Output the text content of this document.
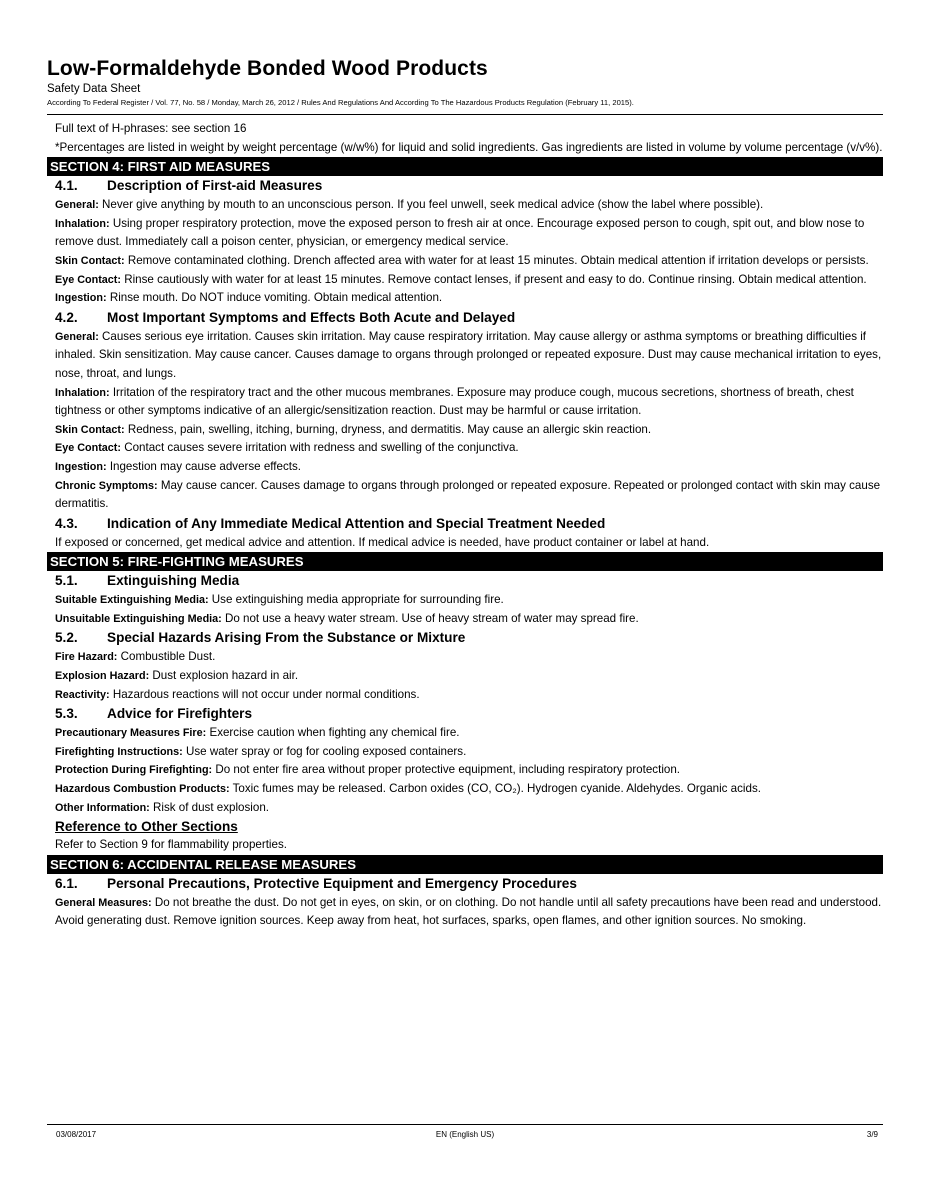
Low-Formaldehyde Bonded Wood Products

Safety Data Sheet

According To Federal Register / Vol. 77, No. 58 / Monday, March 26, 2012 / Rules And Regulations And According To The Hazardous Products Regulation (February 11, 2015).

Full text of H-phrases: see section 16

*Percentages are listed in weight by weight percentage (w/w%) for liquid and solid ingredients. Gas ingredients are listed in volume by volume percentage (v/v%).

SECTION 4: FIRST AID MEASURES
4.1.	Description of First-aid Measures

General: Never give anything by mouth to an unconscious person. If you feel unwell, seek medical advice (show the label where possible).

Inhalation: Using proper respiratory protection, move the exposed person to fresh air at once. Encourage exposed person to cough, spit out, and blow nose to remove dust. Immediately call a poison center, physician, or emergency medical service.

Skin Contact: Remove contaminated clothing. Drench affected area with water for at least 15 minutes. Obtain medical attention if irritation develops or persists.

Eye Contact: Rinse cautiously with water for at least 15 minutes. Remove contact lenses, if present and easy to do. Continue rinsing. Obtain medical attention.

Ingestion: Rinse mouth. Do NOT induce vomiting. Obtain medical attention.

4.2.	Most Important Symptoms and Effects Both Acute and Delayed

General: Causes serious eye irritation. Causes skin irritation. May cause respiratory irritation. May cause allergy or asthma symptoms or breathing difficulties if inhaled. Skin sensitization. May cause cancer. Causes damage to organs through prolonged or repeated exposure. Dust may cause mechanical irritation to eyes, nose, throat, and lungs.

Inhalation: Irritation of the respiratory tract and the other mucous membranes. Exposure may produce cough, mucous secretions, shortness of breath, chest tightness or other symptoms indicative of an allergic/sensitization reaction. Dust may be harmful or cause irritation.

Skin Contact: Redness, pain, swelling, itching, burning, dryness, and dermatitis. May cause an allergic skin reaction.

Eye Contact: Contact causes severe irritation with redness and swelling of the conjunctiva.

Ingestion: Ingestion may cause adverse effects.

Chronic Symptoms: May cause cancer. Causes damage to organs through prolonged or repeated exposure. Repeated or prolonged contact with skin may cause dermatitis.

4.3.	Indication of Any Immediate Medical Attention and Special Treatment Needed

If exposed or concerned, get medical advice and attention. If medical advice is needed, have product container or label at hand.

SECTION 5: FIRE-FIGHTING MEASURES
5.1.	Extinguishing Media

Suitable Extinguishing Media: Use extinguishing media appropriate for surrounding fire.

Unsuitable Extinguishing Media: Do not use a heavy water stream. Use of heavy stream of water may spread fire.

5.2.	Special Hazards Arising From the Substance or Mixture

Fire Hazard: Combustible Dust.

Explosion Hazard: Dust explosion hazard in air.

Reactivity: Hazardous reactions will not occur under normal conditions.

5.3.	Advice for Firefighters

Precautionary Measures Fire: Exercise caution when fighting any chemical fire.

Firefighting Instructions: Use water spray or fog for cooling exposed containers.

Protection During Firefighting: Do not enter fire area without proper protective equipment, including respiratory protection.

Hazardous Combustion Products: Toxic fumes may be released. Carbon oxides (CO, CO₂). Hydrogen cyanide. Aldehydes. Organic acids.

Other Information: Risk of dust explosion.

Reference to Other Sections

Refer to Section 9 for flammability properties.

SECTION 6: ACCIDENTAL RELEASE MEASURES
6.1.	Personal Precautions, Protective Equipment and Emergency Procedures

General Measures: Do not breathe the dust. Do not get in eyes, on skin, or on clothing. Do not handle until all safety precautions have been read and understood. Avoid generating dust. Remove ignition sources. Keep away from heat, hot surfaces, sparks, open flames, and other ignition sources. No smoking.

03/08/2017	EN (English US)	3/9
